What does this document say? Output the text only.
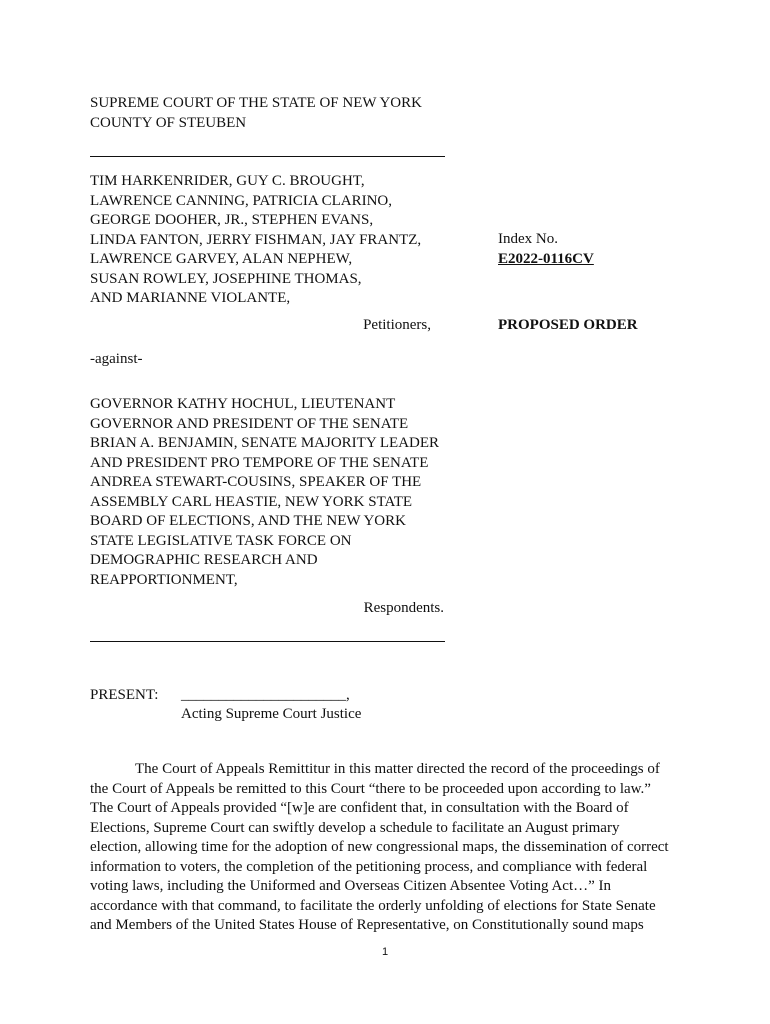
SUPREME COURT OF THE STATE OF NEW YORK
COUNTY OF STEUBEN
TIM HARKENRIDER, GUY C. BROUGHT,
LAWRENCE CANNING, PATRICIA CLARINO,
GEORGE DOOHER, JR., STEPHEN EVANS,
LINDA FANTON, JERRY FISHMAN, JAY FRANTZ,
LAWRENCE GARVEY, ALAN NEPHEW,
SUSAN ROWLEY, JOSEPHINE THOMAS,
AND MARIANNE VIOLANTE,
Petitioners,
Index No.
E2022-0116CV
PROPOSED ORDER
-against-
GOVERNOR KATHY HOCHUL, LIEUTENANT
GOVERNOR AND PRESIDENT OF THE SENATE
BRIAN A. BENJAMIN, SENATE MAJORITY LEADER
AND PRESIDENT PRO TEMPORE OF THE SENATE
ANDREA STEWART-COUSINS, SPEAKER OF THE
ASSEMBLY CARL HEASTIE, NEW YORK STATE
BOARD OF ELECTIONS, AND THE NEW YORK
STATE LEGISLATIVE TASK FORCE ON
DEMOGRAPHIC RESEARCH AND
REAPPORTIONMENT,
Respondents.
PRESENT: ______________________,
Acting Supreme Court Justice
The Court of Appeals Remittitur in this matter directed the record of the proceedings of
the Court of Appeals be remitted to this Court “there to be proceeded upon according to law.”
The Court of Appeals provided “[w]e are confident that, in consultation with the Board of
Elections, Supreme Court can swiftly develop a schedule to facilitate an August primary
election, allowing time for the adoption of new congressional maps, the dissemination of correct
information to voters, the completion of the petitioning process, and compliance with federal
voting laws, including the Uniformed and Overseas Citizen Absentee Voting Act…” In
accordance with that command, to facilitate the orderly unfolding of elections for State Senate
and Members of the United States House of Representative, on Constitutionally sound maps
1
